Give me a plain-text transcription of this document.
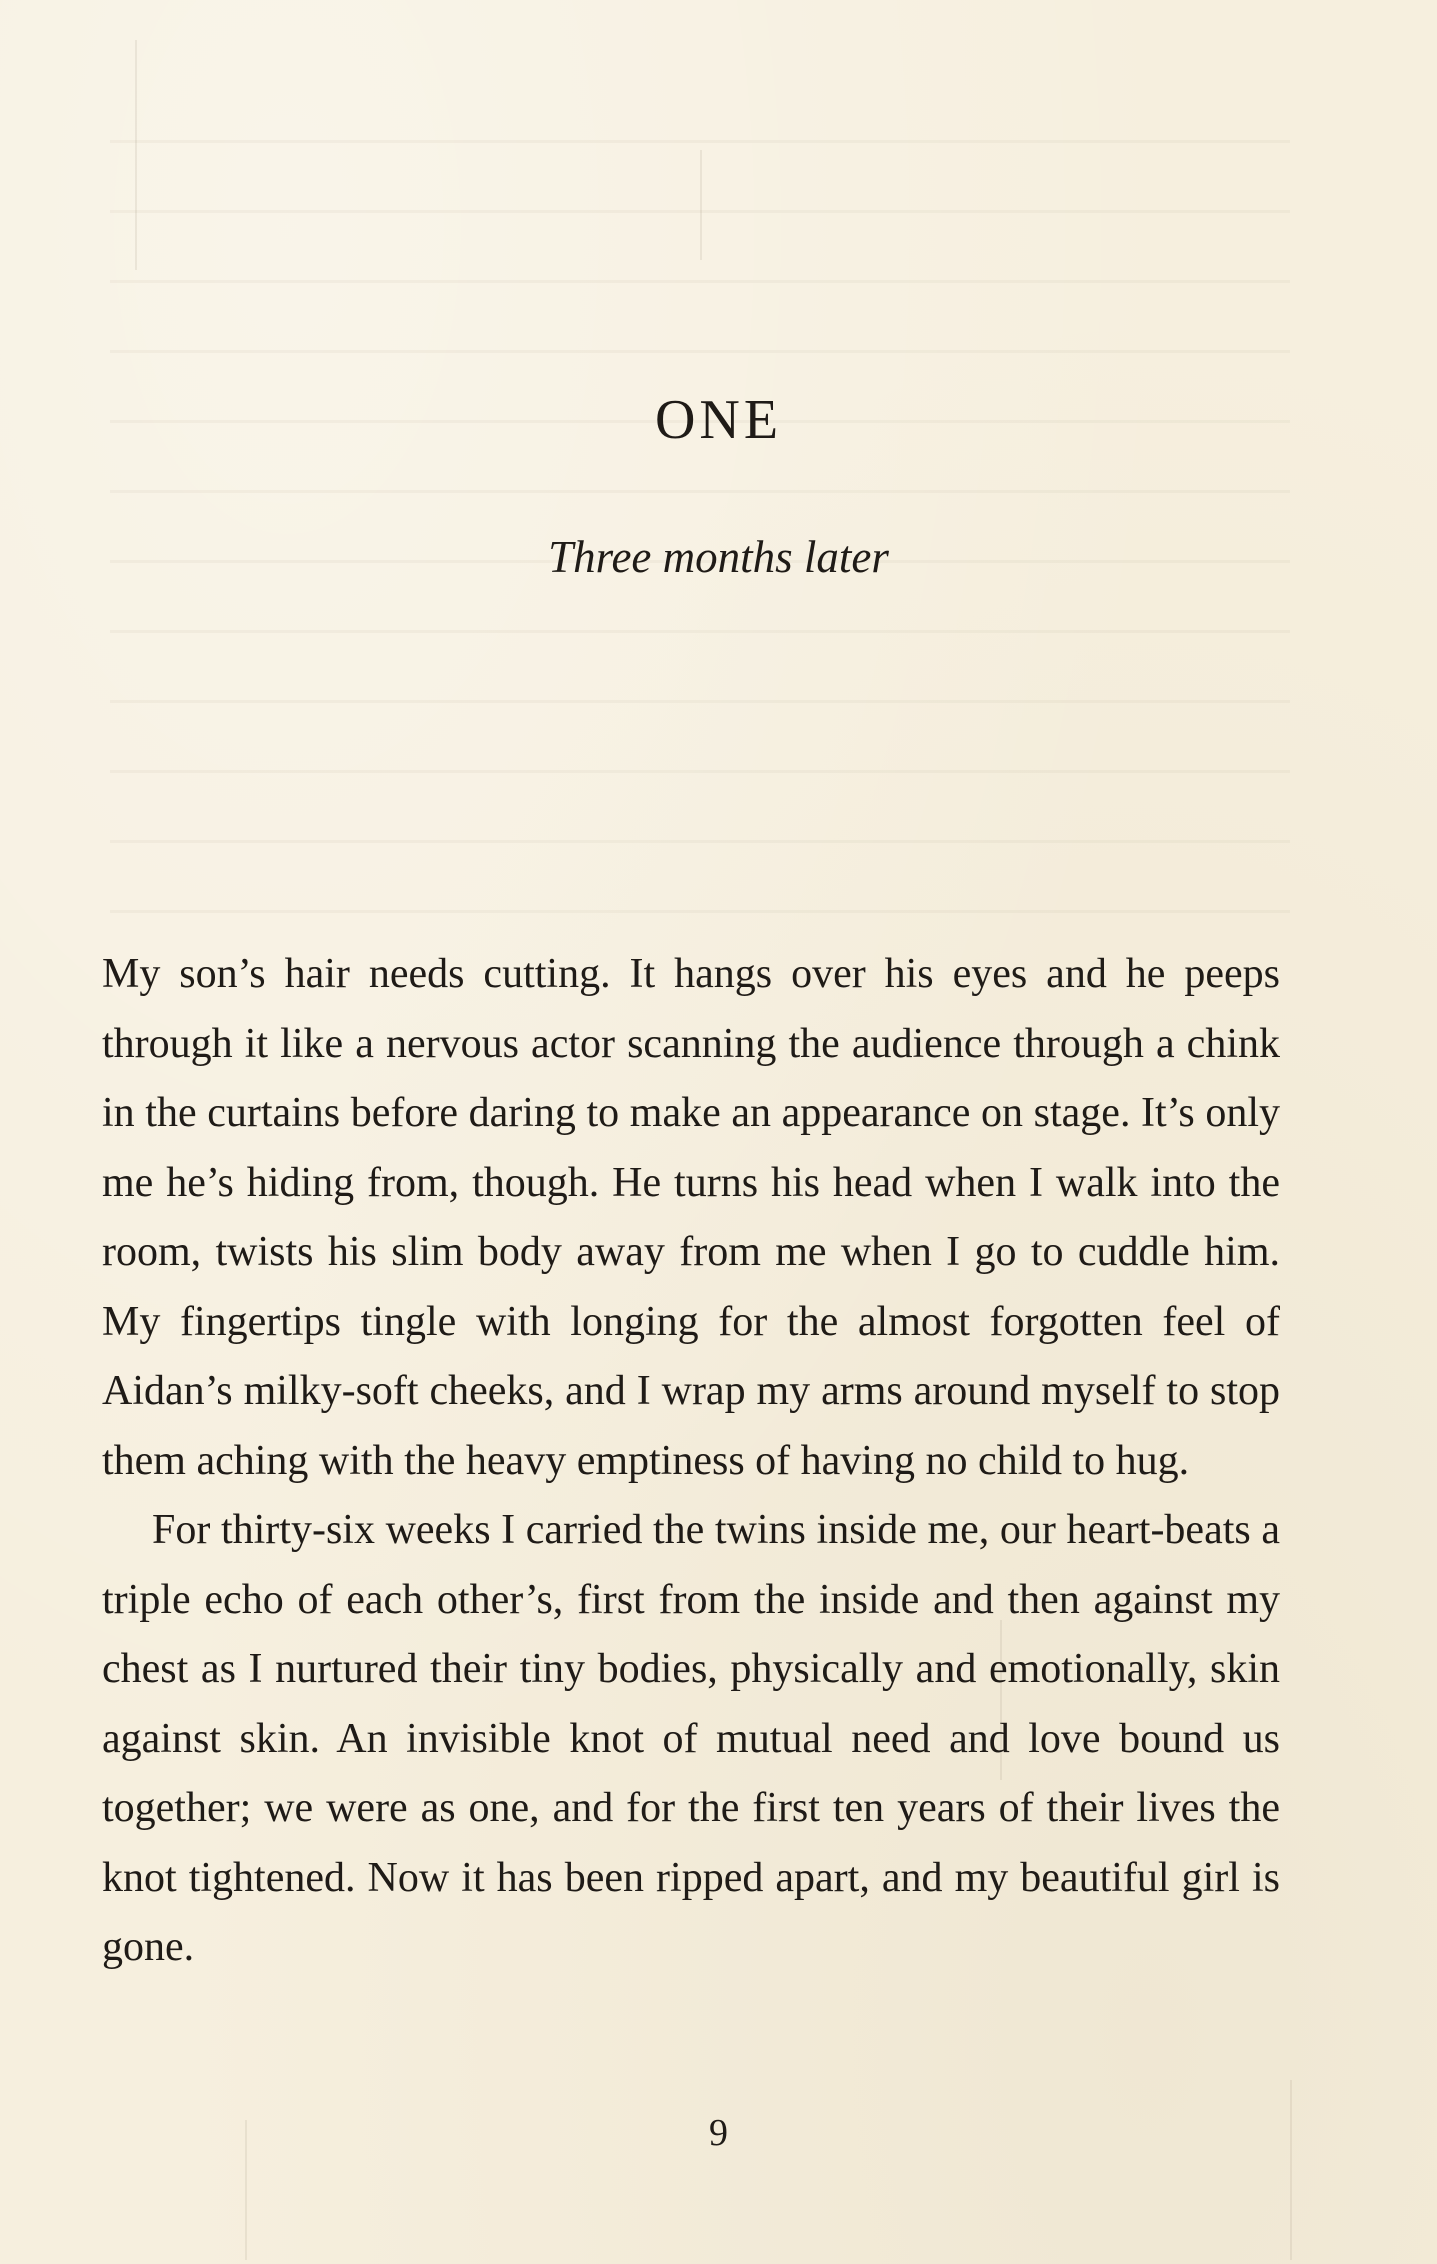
ONE
Three months later

My son’s hair needs cutting. It hangs over his eyes and he peeps through it like a nervous actor scanning the audience through a chink in the curtains before daring to make an appearance on stage. It’s only me he’s hiding from, though. He turns his head when I walk into the room, twists his slim body away from me when I go to cuddle him. My fingertips tingle with longing for the almost forgotten feel of Aidan’s milky-soft cheeks, and I wrap my arms around myself to stop them aching with the heavy emptiness of having no child to hug.

For thirty-six weeks I carried the twins inside me, our heart-beats a triple echo of each other’s, first from the inside and then against my chest as I nurtured their tiny bodies, physically and emotionally, skin against skin. An invisible knot of mutual need and love bound us together; we were as one, and for the first ten years of their lives the knot tightened. Now it has been ripped apart, and my beautiful girl is gone.

9
